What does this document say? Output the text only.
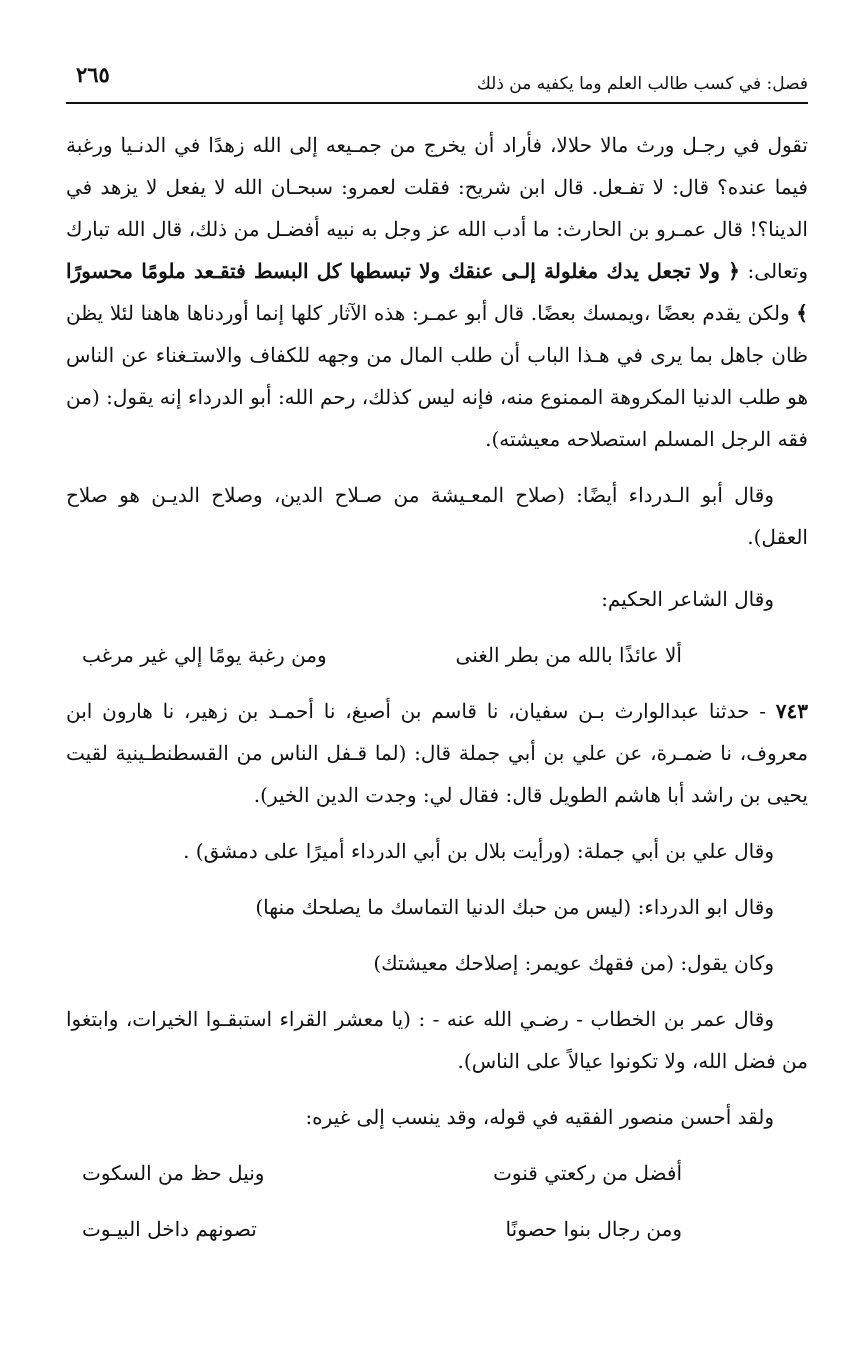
فصل: في كسب طالب العلم وما يكفيه من ذلك
٢٦٥

تقول في رجـل ورث مالا حلالا، فأراد أن يخرج من جمـيعه إلى الله زهدًا في الدنـيا ورغبة فيما عنده؟ قال: لا تفـعل. قال ابن شريح: فقلت لعمرو: سبحـان الله لا يفعل لا يزهد في الدينا؟! قال عمـرو بن الحارث: ما أدب الله عز وجل به نبيه أفضـل من ذلك، قال الله تبارك وتعالى: ﴿ ولا تجعل يدك مغلولة إلـى عنقك ولا تبسطها كل البسط فتقـعد ملومًا محسورًا ﴾ ولكن يقدم بعضًا ،ويمسك بعضًا. قال أبو عمـر: هذه الآثار كلها إنما أوردناها هاهنا لئلا يظن ظان جاهل بما يرى في هـذا الباب أن طلب المال من وجهه للكفاف والاستـغناء عن الناس هو طلب الدنيا المكروهة الممنوع منه، فإنه ليس كذلك، رحم الله: أبو الدرداء إنه يقول: (من فقه الرجل المسلم استصلاحه معيشته).

وقال أبو الـدرداء أيضًا: (صلاح المعـيشة من صـلاح الدين، وصلاح الديـن هو صلاح العقل).

وقال الشاعر الحكيم:

ألا عائذًا بالله من بطر الغنى
ومن رغبة يومًا إلي غير مرغب

٧٤٣ - حدثنا عبدالوارث بـن سفيان، نا قاسم بن أصبغ، نا أحمـد بن زهير، نا هارون ابن معروف، نا ضمـرة، عن علي بن أبي جملة قال: (لما قـفل الناس من القسطنطـينية لقيت يحيى بن راشد أبا هاشم الطويل قال: فقال لي: وجدت الدين الخير).

وقال علي بن أبي جملة: (ورأيت بلال بن أبي الدرداء أميرًا على دمشق) .

وقال ابو الدرداء: (ليس من حبك الدنيا التماسك ما يصلحك منها)

وكان يقول: (من فقهك عويمر: إصلاحك معيشتك)

وقال عمر بن الخطاب - رضـي الله عنه - : (يا معشر القراء استبقـوا الخيرات، وابتغوا من فضل الله، ولا تكونوا عيالاً على الناس).

ولقد أحسن منصور الفقيه في قوله، وقد ينسب إلى غيره:

أفضل من ركعتي قنوت
ونيل حظ من السكوت
ومن رجال بنوا حصونًا
تصونهم داخل البيـوت
